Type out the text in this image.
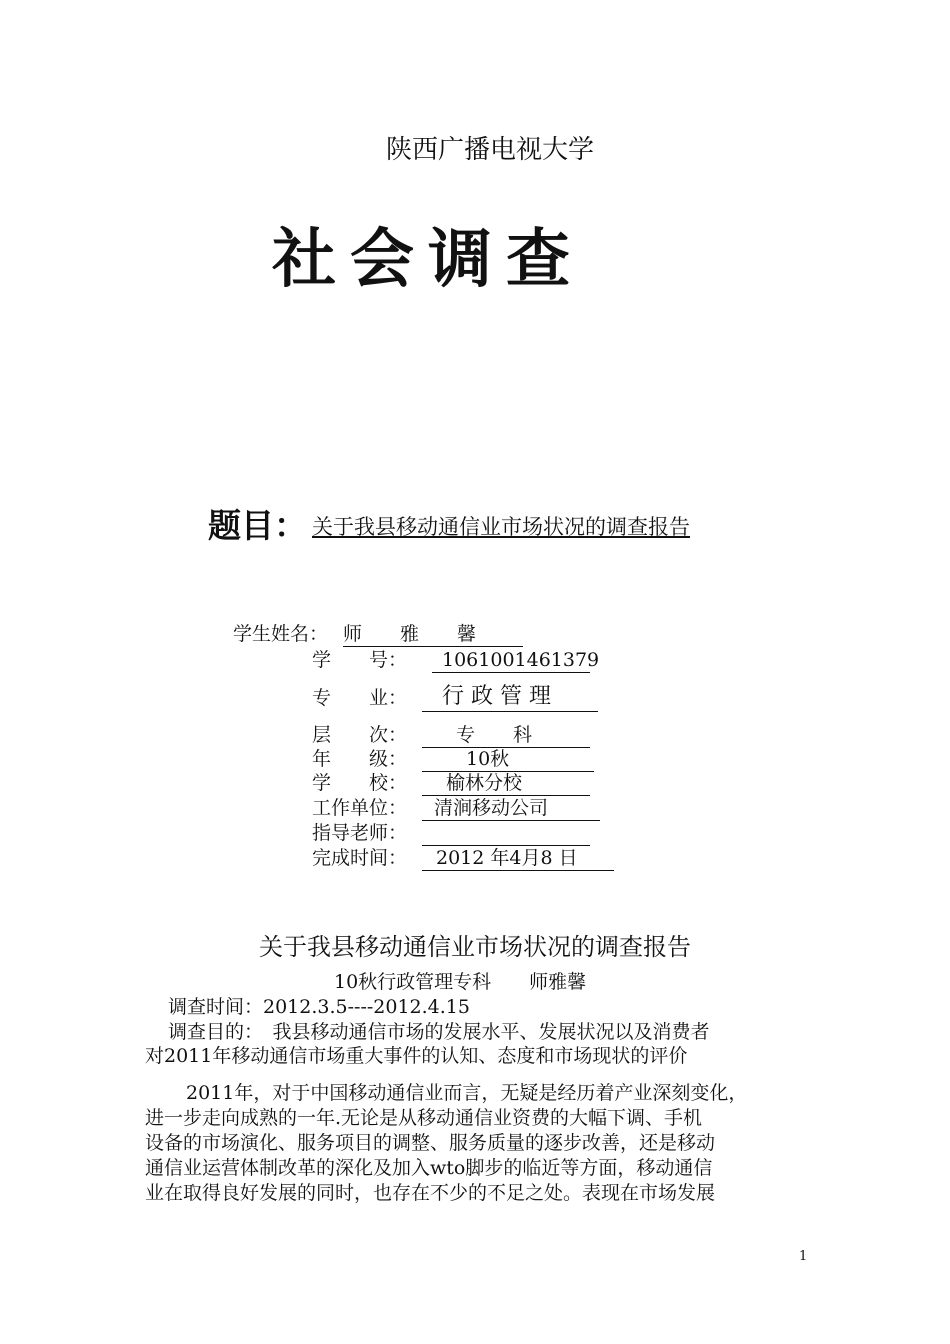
陕西广播电视大学
社会调查
题目： 关于我县移动通信业市场状况的调查报告
学生姓名： 师　　雅　　馨
学　　号：	1061001461379
专　　业：	行 政 管 理
层　　次：	专　　科
年　　级：	10秋
学　　校：	榆林分校
工作单位：	清涧移动公司
指导老师：
完成时间：	2012 年4月8 日
关于我县移动通信业市场状况的调查报告
10秋行政管理专科　　师雅馨
调查时间：2012.3.5----2012.4.15
调查目的：　我县移动通信市场的发展水平、发展状况以及消费者
对2011年移动通信市场重大事件的认知、态度和市场现状的评价
2011年，对于中国移动通信业而言，无疑是经历着产业深刻变化，
进一步走向成熟的一年.无论是从移动通信业资费的大幅下调、手机
设备的市场演化、服务项目的调整、服务质量的逐步改善，还是移动
通信业运营体制改革的深化及加入wto脚步的临近等方面，移动通信
业在取得良好发展的同时，也存在不少的不足之处。表现在市场发展
1
